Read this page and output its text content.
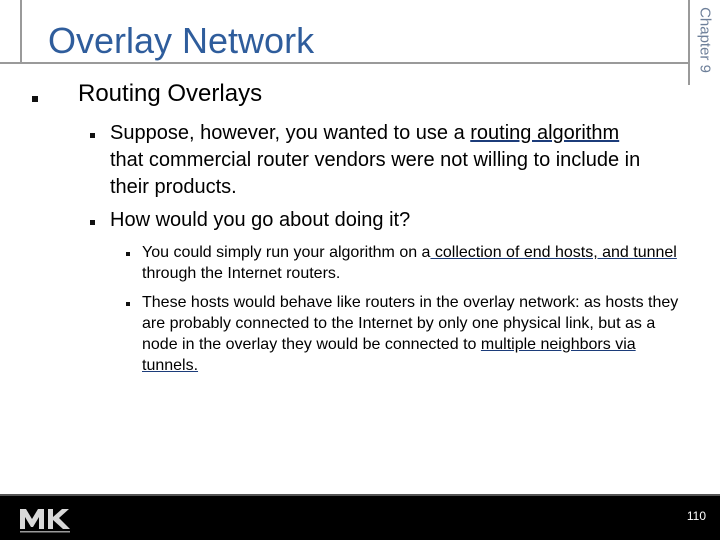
Chapter 9
Overlay Network
Routing Overlays
Suppose, however, you wanted to use a routing algorithm that commercial router vendors were not willing to include in their products.
How would you go about doing it?
You could simply run your algorithm on a collection of end hosts, and tunnel through the Internet routers.
These hosts would behave like routers in the overlay network: as hosts they are probably connected to the Internet by only one physical link, but as a node in the overlay they would be connected to multiple neighbors via tunnels.
110
